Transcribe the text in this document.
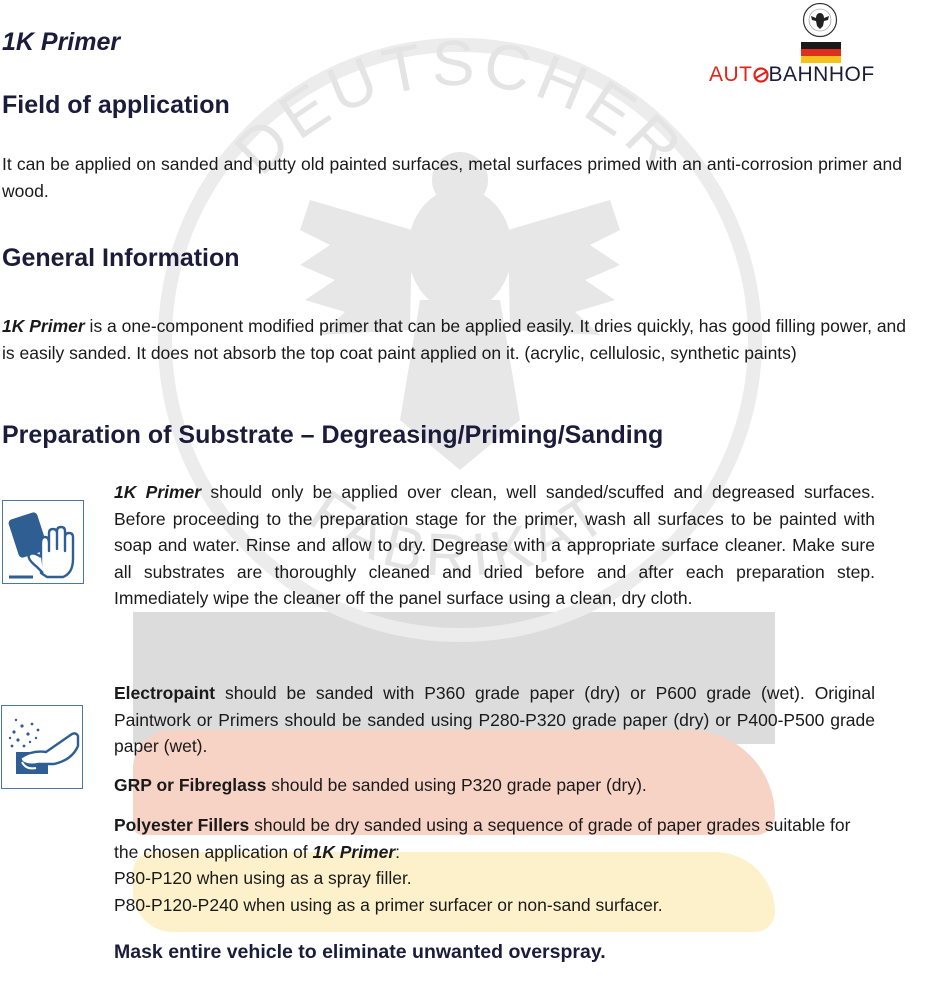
DEUTSCHER
FABRIKAT
AUT BAHNHOF
1K Primer
Field of application

It can be applied on sanded and putty old painted surfaces, metal surfaces primed with an anti-corrosion primer and wood.

General Information

1K Primer is a one-component modified primer that can be applied easily. It dries quickly, has good filling power, and is easily sanded. It does not absorb the top coat paint applied on it. (acrylic, cellulosic, synthetic paints)

Preparation of Substrate – Degreasing/Priming/Sanding

1K Primer should only be applied over clean, well sanded/scuffed and degreased surfaces. Before proceeding to the preparation stage for the primer, wash all surfaces to be painted with soap and water. Rinse and allow to dry. Degrease with a appropriate surface cleaner. Make sure all substrates are thoroughly cleaned and dried before and after each preparation step. Immediately wipe the cleaner off the panel surface using a clean, dry cloth.

Electropaint should be sanded with P360 grade paper (dry) or P600 grade (wet). Original Paintwork or Primers should be sanded using P280-P320 grade paper (dry) or P400-P500 grade paper (wet).

GRP or Fibreglass should be sanded using P320 grade paper (dry).

Polyester Fillers should be dry sanded using a sequence of grade of paper grades suitable for the chosen application of 1K Primer:
P80-P120 when using as a spray filler.
P80-P120-P240 when using as a primer surfacer or non-sand surfacer.

Mask entire vehicle to eliminate unwanted overspray.
